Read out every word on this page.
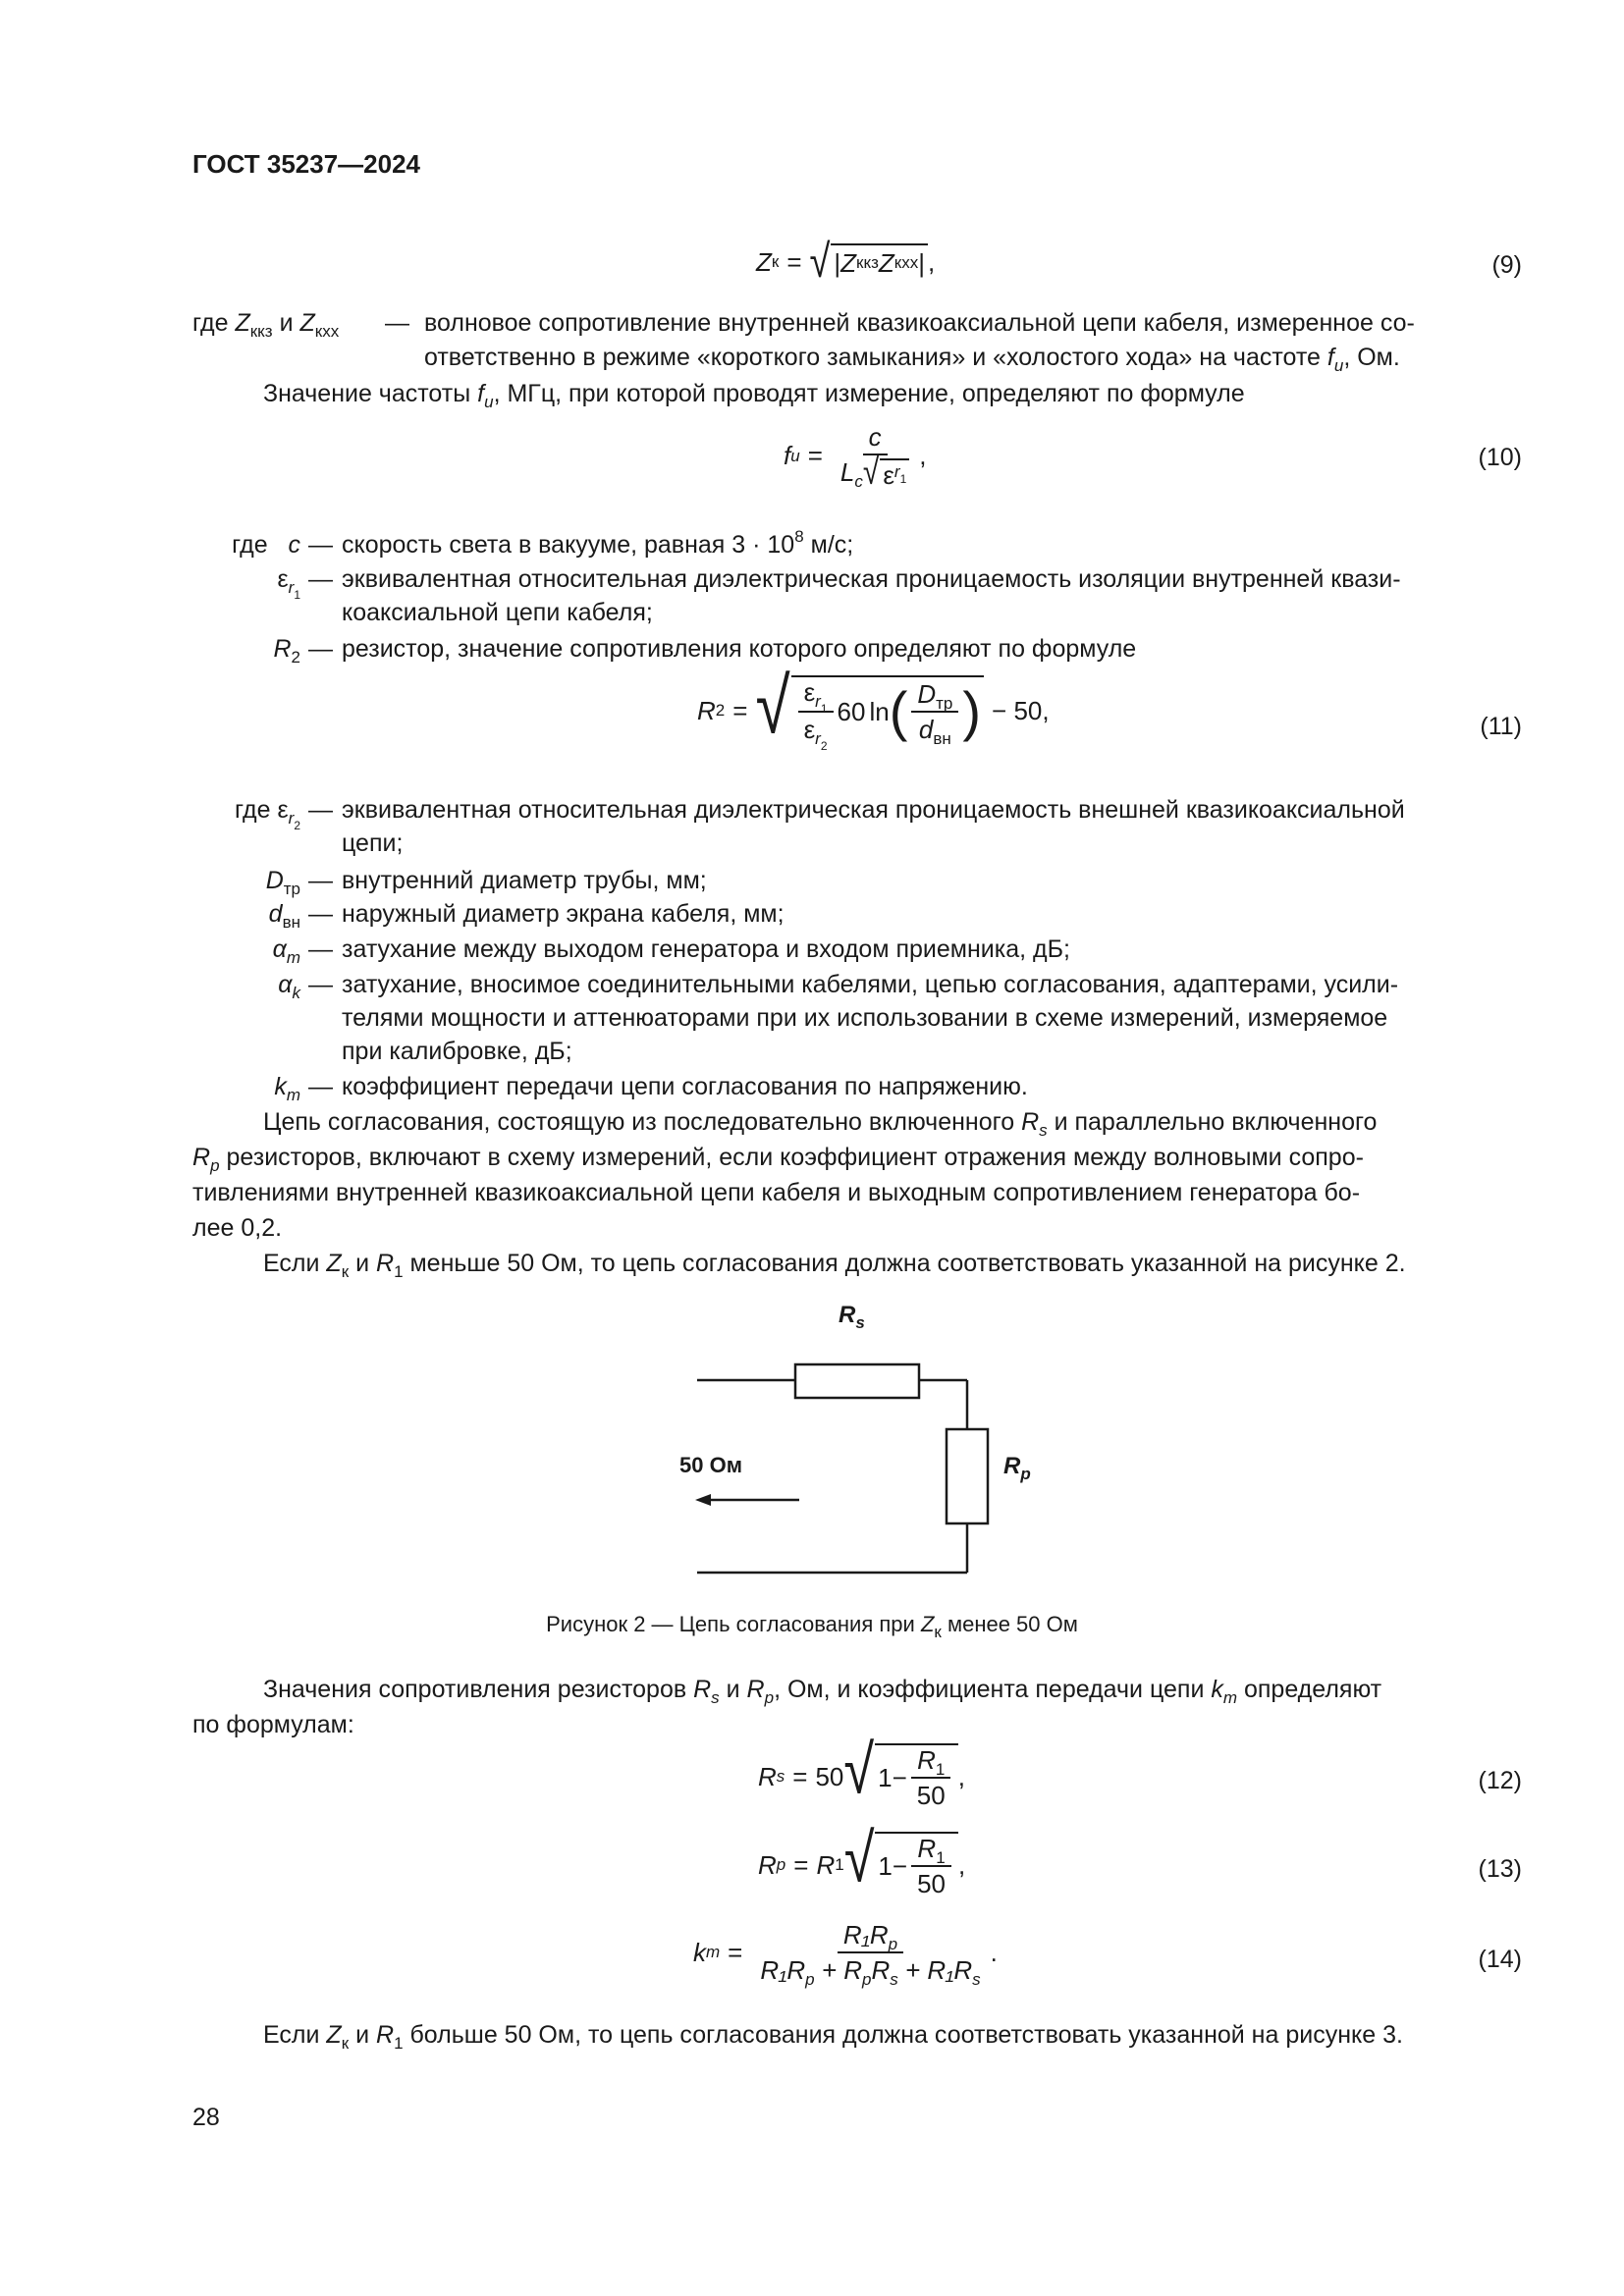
ГОСТ 35237—2024
Z к = √ | Z ккз Z кхх | ,	(9)
где $Z_{ккз}$ и $Z_{кхх}$ — волновое сопротивление внутренней квазикоаксиальной цепи кабеля, измеренное со-
ответственно в режиме «короткого замыкания» и «холостого хода» на частоте $f_u$, Ом.
Значение частоты $f_u$, МГц, при которой проводят измерение, определяют по формуле
f $u = \frac{c}{L_c √ \varepsilon r_1}$ ,	(10)
где c — скорость света в вакууме, равная $3 \cdot 10^8$ м/с;
$\varepsilon_{r_1}$
— эквивалентная относительная диэлектрическая проницаемость изоляции внутренней квази-
коаксиальной цепи кабеля;
$R_2$ — резистор, значение сопротивления которого определяют по формуле
R 2 = √ $\frac{\varepsilon_{r_1}}{\varepsilon_{r_2}} 60$ ln ( $\frac{D_{тр}}{d_{вн}}$ ) − 50,
(11)
где $\varepsilon_{r_2}$
— эквивалентная относительная диэлектрическая проницаемость внешней квазикоаксиальной
цепи;
$D_{тр}$ — внутренний диаметр трубы, мм;
$d_{вн}$ — наружный диаметр экрана кабеля, мм;
$\alpha_m$ — затухание между выходом генератора и входом приемника, дБ;
$\alpha_k$ — затухание, вносимое соединительными кабелями, цепью согласования, адаптерами, усили-
телями мощности и аттенюаторами при их использовании в схеме измерений, измеряемое
при калибровке, дБ;
$k_m$ — коэффициент передачи цепи согласования по напряжению.
Цепь согласования, состоящую из последовательно включенного $R_s$ и параллельно включенного
$R_p$ резисторов, включают в схему измерений, если коэффициент отражения между волновыми сопро-
тивлениями внутренней квазикоаксиальной цепи кабеля и выходным сопротивлением генератора бо-
лее 0,2.
Если $Z_к$ и $R_1$ меньше 50 Ом, то цепь согласования должна соответствовать указанной на рисунке 2.
$R_s$
$R_p$
50 Ом
Рисунок 2 — Цепь согласования при $Z_к$ менее 50 Ом
Значения сопротивления резисторов $R_s$ и $R_p$, Ом, и коэффициента передачи цепи $k_m$ определяют
по формулам:
R s = 50 √ $1- \frac{R_1}{50}$ ,	(12)
R p = R 1 √ $1- \frac{R_1}{50}$ ,	(13)
k $m = \frac{R_1R_p}{R_1R_p + R_pR_s + R_1R_s}$ .	(14)
Если $Z_к$ и $R_1$ больше 50 Ом, то цепь согласования должна соответствовать указанной на рисунке 3.
28
